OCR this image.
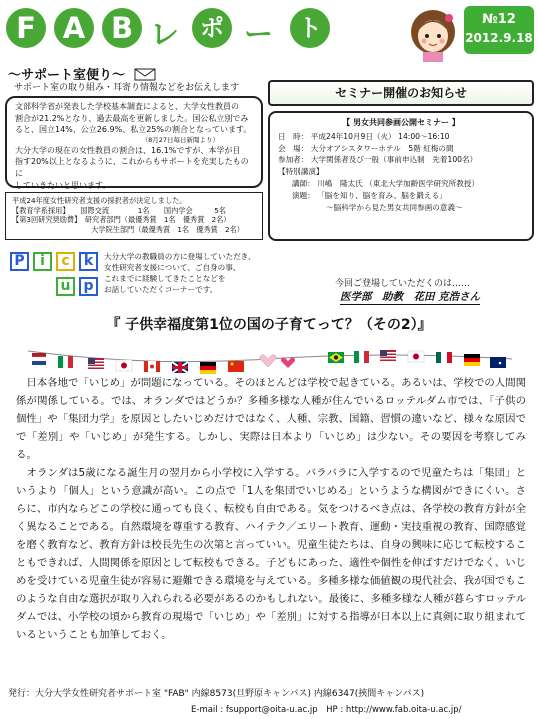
F A B レ ポ ー	ト	№12
2012.9.18
～サポート室便り～
サポート室の取り組み・耳寄り情報などをお伝えします
文部科学省が発表した学校基本調査によると、大学女性教員の
割合が21.2%となり、過去最高を更新しました。国公私立別でみ
ると、国立14%、公立26.9%、私立25%の割合となっています。
（8月27日毎日新聞より）
大分大学の現在の女性教員の割合は、16.1%ですが、本学が目
指す20%以上となるように、これからもサポートを充実したものに
していきたいと思います。
平成24年度女性研究者支援の採択者が決定しました。
【教育学系採用】　　国際交流　　　　1名　　国内学会　　　5名
【第3回研究奨励費】　研究者部門（最優秀賞　1名　優秀賞　2名）
　　　　　　　　　　　大学院生部門（最優秀賞　1名　優秀賞　2名）
セミナー開催のお知らせ
【 男女共同参画公開セミナー 】
日　時： 平成24年10月9日（火） 14:00～16:10
会　場： 大分オアシスタワーホテル　5階 紅梅の間
参加者： 大学関係者及び一般（事前申込制　先着100名）
【特別講演】
講師： 川嶋　隆太氏 （東北大学加齢医学研究所教授）
演題： 「脳を知り、脳を育み、脳を鍛える」
～脳科学から見た男女共同参画の意義～
P	i	c	k
u p
大分大学の教職員の方に登場していただき、
女性研究者支援について、ご自身の事、
これまでに経験してきたことなどを
お話していただくコーナーです。
今回ご登場していただくのは……
医学部　助教　花田 克浩さん
『 子供幸福度第1位の国の子育てって？（その2）』

　日本各地で「いじめ」が問題になっている。そのほとんどは学校で起きている。あるいは、学校での人間関係が関係している。では、オランダではどうか？多種多様な人種が住んでいるロッテルダム市では、「子供の個性」や「集団力学」を原因としたいじめだけではなく、人種、宗教、国籍、習慣の違いなど、様々な原因でで「差別」や「いじめ」が発生する。しかし、実際は日本より「いじめ」は少ない。その要因を考察してみる。

　オランダは5歳になる誕生月の翌月から小学校に入学する。バラバラに入学するので児童たちは「集団」というより「個人」という意識が高い。この点で「1人を集団でいじめる」というような構図ができにくい。さらに、市内ならどこの学校に通っても良く、転校も自由である。気をつけるべき点は、各学校の教育方針が全く異なることである。自然環境を尊重する教育、ハイテク／エリート教育、運動・実技重視の教育、国際感覚を磨く教育など、教育方針は校長先生の次第と言っていい。児童生徒たちは、自身の興味に応じて転校することもできれば、人間関係を原因として転校もできる。子どもにあった、適性や個性を伸ばすだけでなく、いじめを受けている児童生徒が容易に避難できる環境を与えている。多種多様な価値観の現代社会、我が国でもこのような自由な選択が取り入れられる必要があるのかもしれない。最後に、多種多様な人種が暮らすロッテルダムでは、小学校の頃から教育の現場で「いじめ」や「差別」に対する指導が日本以上に真剣に取り組まれているということも加筆しておく。

発行：大分大学女性研究者サポート室 "FAB" 内線8573(旦野原キャンパス) 内線6347(挾間キャンパス)
E-mail : fsupport@oita-u.ac.jp　HP : http://www.fab.oita-u.ac.jp/
